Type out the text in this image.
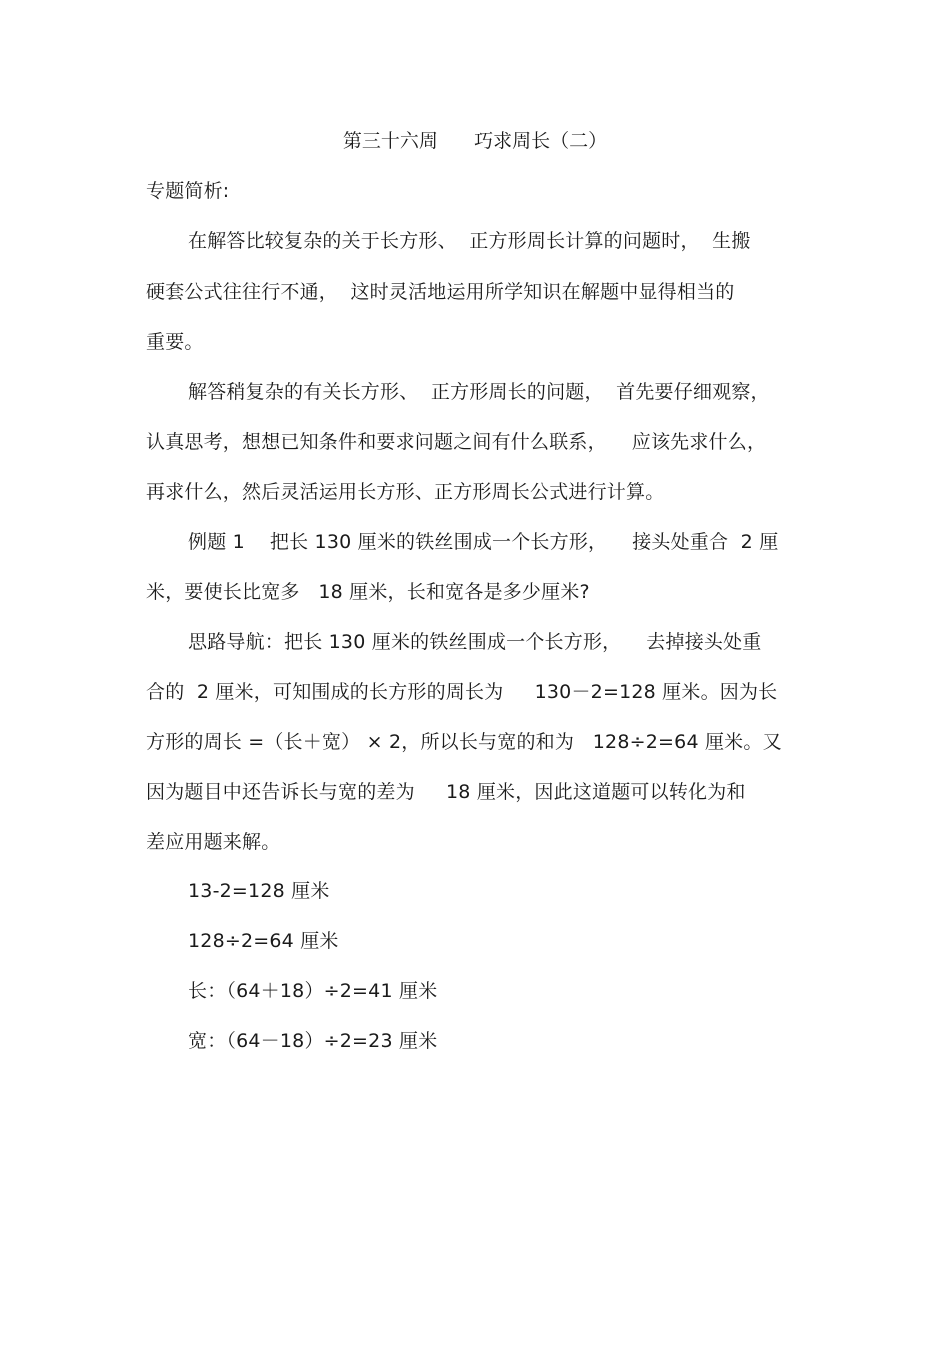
第三十六周      巧求周长（二）
专题简析:
在解答比较复杂的关于长方形、  正方形周长计算的问题时，  生搬
硬套公式往往行不通，  这时灵活地运用所学知识在解题中显得相当的
重要。
解答稍复杂的有关长方形、  正方形周长的问题，  首先要仔细观察，
认真思考，想想已知条件和要求问题之间有什么联系，    应该先求什么，
再求什么，然后灵活运用长方形、正方形周长公式进行计算。
例题 1    把长 130 厘米的铁丝围成一个长方形，    接头处重合  2 厘
米，要使长比宽多   18 厘米，长和宽各是多少厘米?
思路导航：把长 130 厘米的铁丝围成一个长方形，    去掉接头处重
合的  2 厘米，可知围成的长方形的周长为     130－2=128 厘米。因为长
方形的周长 =（长＋宽） × 2，所以长与宽的和为   128÷2=64 厘米。又
因为题目中还告诉长与宽的差为     18 厘米，因此这道题可以转化为和
差应用题来解。
13-2=128 厘米
128÷2=64 厘米
长：（64＋18）÷2=41 厘米
宽：（64－18）÷2=23 厘米
